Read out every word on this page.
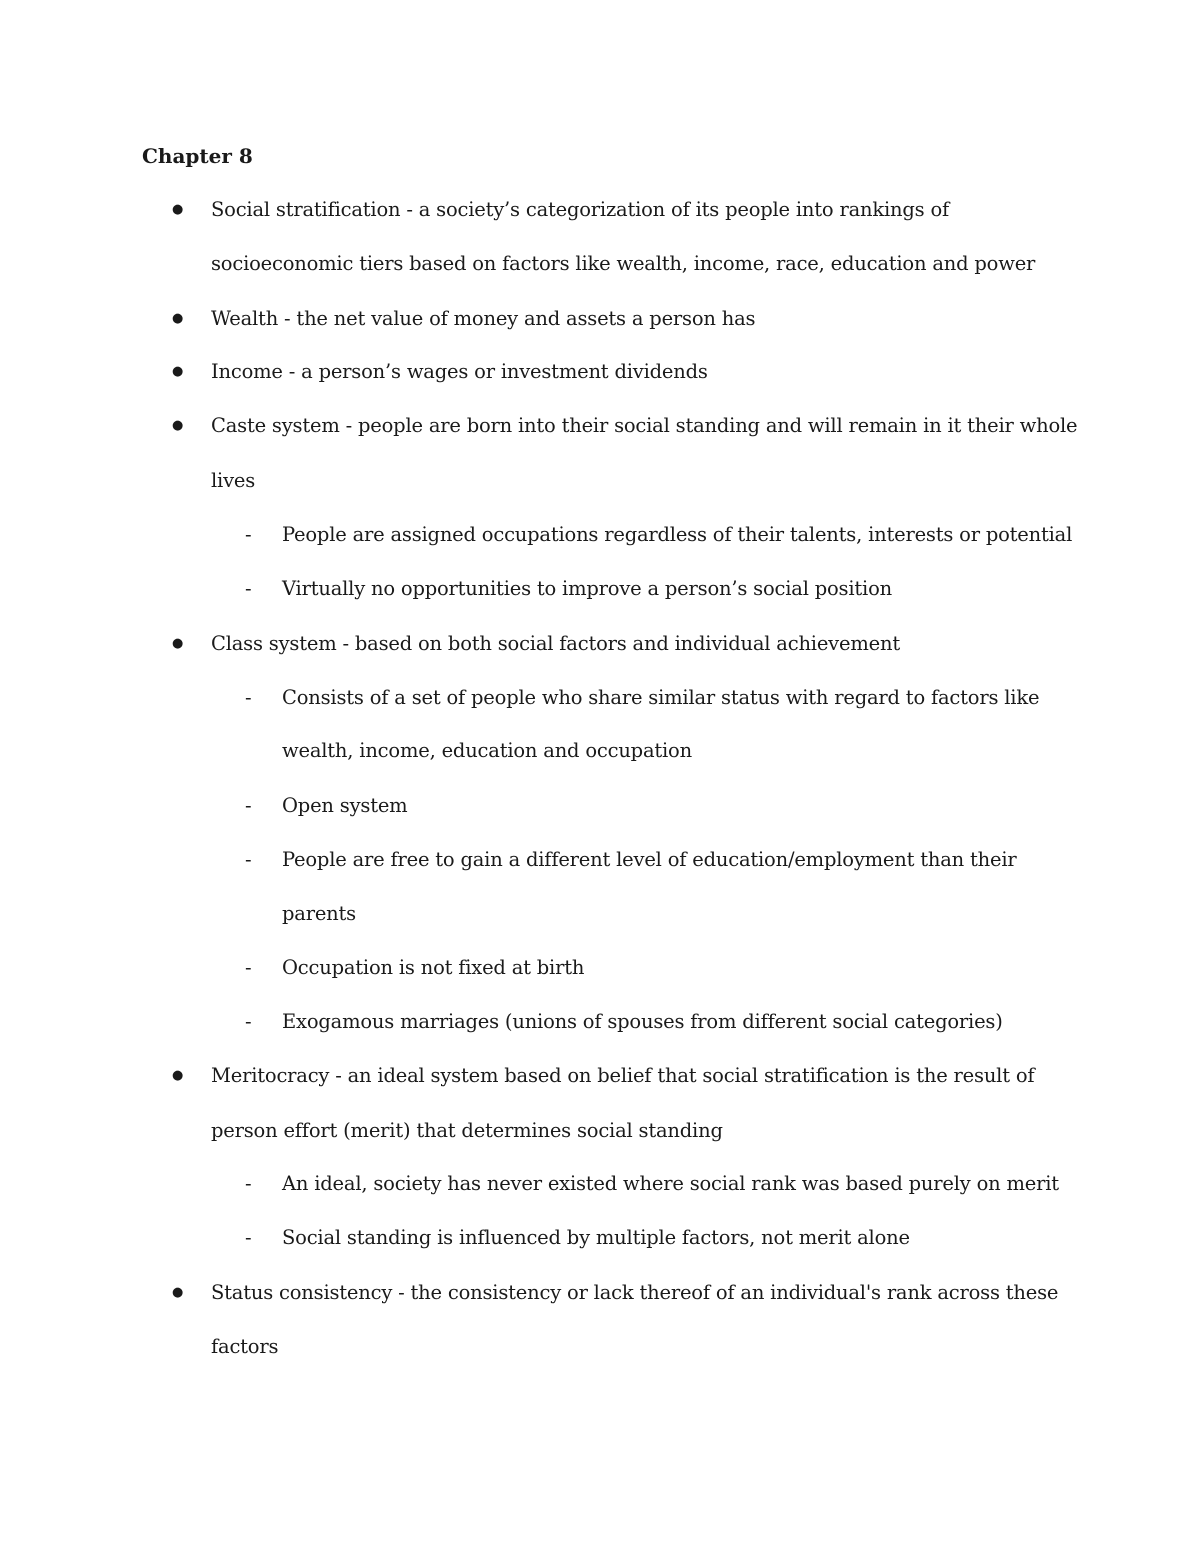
Chapter 8
● Social stratification - a society’s categorization of its people into rankings of
socioeconomic tiers based on factors like wealth, income, race, education and power
● Wealth - the net value of money and assets a person has
● Income - a person’s wages or investment dividends
● Caste system - people are born into their social standing and will remain in it their whole
lives
- People are assigned occupations regardless of their talents, interests or potential
- Virtually no opportunities to improve a person’s social position
● Class system - based on both social factors and individual achievement
- Consists of a set of people who share similar status with regard to factors like
wealth, income, education and occupation
- Open system
- People are free to gain a different level of education/employment than their
parents
- Occupation is not fixed at birth
- Exogamous marriages (unions of spouses from different social categories)
● Meritocracy - an ideal system based on belief that social stratification is the result of
person effort (merit) that determines social standing
- An ideal, society has never existed where social rank was based purely on merit
- Social standing is influenced by multiple factors, not merit alone
● Status consistency - the consistency or lack thereof of an individual's rank across these
factors
